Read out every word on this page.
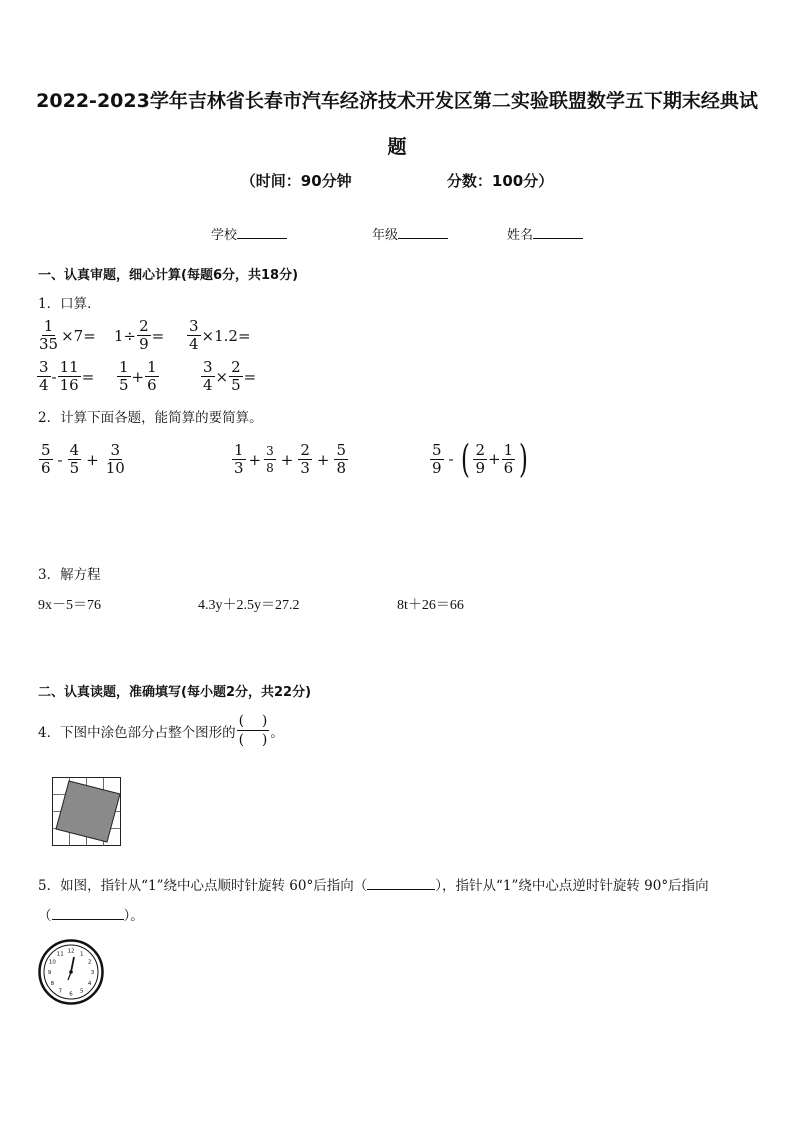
2022-2023学年吉林省长春市汽车经济技术开发区第二实验联盟数学五下期末经典试
题
（时间：90分钟	分数：100分）
学校	年级	姓名
一、认真审题，细心计算(每题6分，共18分)
1．口算．
$\frac{1}{35} \times 7= 1\div \frac{2}{9} = \frac{3}{4} \times 1.2=$
$\frac{3}{4} - \frac{11}{16} = \frac{1}{5} + \frac{1}{6}$	$\frac{3}{4} \times \frac{2}{5}$ =
2．计算下面各题，能简算的要简算。
$\frac{5}{6} - \frac{4}{5} + \frac{3}{10}$	$\frac{1}{3} + \frac{3}{8} + \frac{2}{3} + \frac{5}{8}$	$\frac{5}{9}$ - ( $\frac{2}{9} + \frac{1}{6}$ )
3．解方程
9x－5＝76	4.3y＋2.5y＝27.2	8t＋26＝66
二、认真读题，准确填写(每小题2分，共22分)
4．下图中涂色部分占整个图形的 $\frac{( )}{( )}$ 。
5．如图，指针从“1”绕中心点顺时针旋转 60°后指向（	），指针从“1”绕中心点逆时针旋转 90°后指向
（	）。
12 1
2
3
4
5
6
7
8
9
10
11
